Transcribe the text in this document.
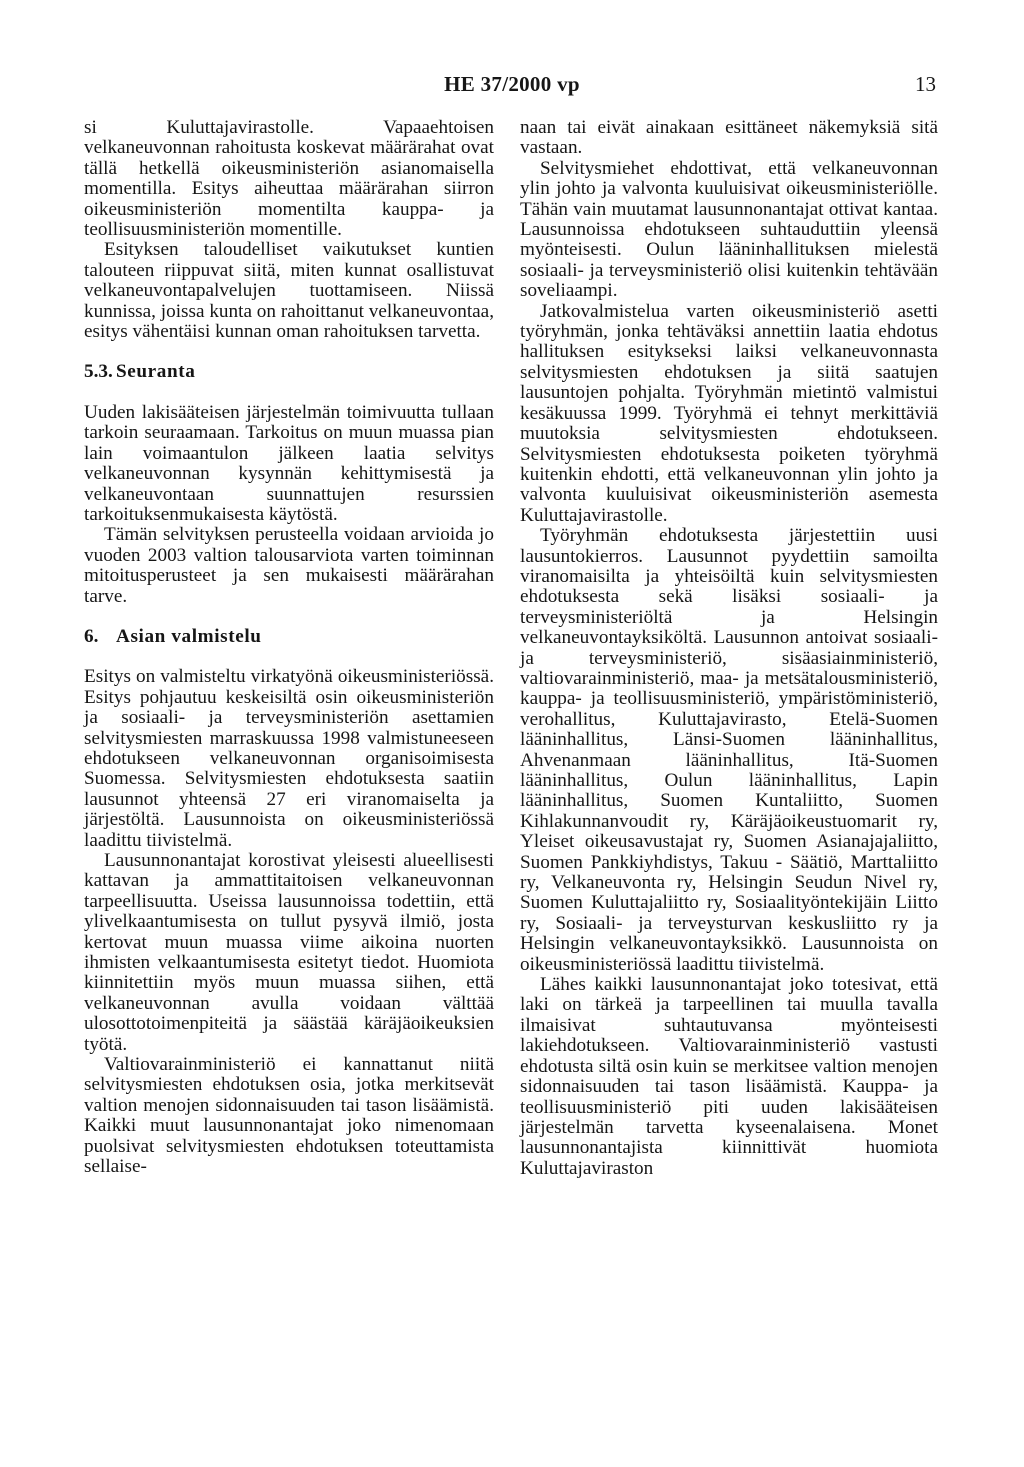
HE 37/2000 vp	13

si Kuluttajavirastolle. Vapaaehtoisen velkaneuvonnan rahoitusta koskevat määrärahat ovat tällä hetkellä oikeusministeriön asianomaisella momentilla. Esitys aiheuttaa määrärahan siirron oikeusministeriön momentilta kauppa- ja teollisuusministeriön momentille.

Esityksen taloudelliset vaikutukset kuntien talouteen riippuvat siitä, miten kunnat osallistuvat velkaneuvontapalvelujen tuottamiseen. Niissä kunnissa, joissa kunta on rahoittanut velkaneuvontaa, esitys vähentäisi kunnan oman rahoituksen tarvetta.

5.3. Seuranta

Uuden lakisääteisen järjestelmän toimivuutta tullaan tarkoin seuraamaan. Tarkoitus on muun muassa pian lain voimaantulon jälkeen laatia selvitys velkaneuvonnan kysynnän kehittymisestä ja velkaneuvontaan suunnattujen resurssien tarkoituksenmukaisesta käytöstä.

Tämän selvityksen perusteella voidaan arvioida jo vuoden 2003 valtion talousarviota varten toiminnan mitoitusperusteet ja sen mukaisesti määrärahan tarve.

6. Asian valmistelu

Esitys on valmisteltu virkatyönä oikeusministeriössä. Esitys pohjautuu keskeisiltä osin oikeusministeriön ja sosiaali- ja terveysministeriön asettamien selvitysmiesten marraskuussa 1998 valmistuneeseen ehdotukseen velkaneuvonnan organisoimisesta Suomessa. Selvitysmiesten ehdotuksesta saatiin lausunnot yhteensä 27 eri viranomaiselta ja järjestöltä. Lausunnoista on oikeusministeriössä laadittu tiivistelmä.

Lausunnonantajat korostivat yleisesti alueellisesti kattavan ja ammattitaitoisen velkaneuvonnan tarpeellisuutta. Useissa lausunnoissa todettiin, että ylivelkaantumisesta on tullut pysyvä ilmiö, josta kertovat muun muassa viime aikoina nuorten ihmisten velkaantumisesta esitetyt tiedot. Huomiota kiinnitettiin myös muun muassa siihen, että velkaneuvonnan avulla voidaan välttää ulosottotoimenpiteitä ja säästää käräjäoikeuksien työtä.

Valtiovarainministeriö ei kannattanut niitä selvitysmiesten ehdotuksen osia, jotka merkitsevät valtion menojen sidonnaisuuden tai tason lisäämistä. Kaikki muut lausunnonantajat joko nimenomaan puolsivat selvitysmiesten ehdotuksen toteuttamista sellaise-

naan tai eivät ainakaan esittäneet näkemyksiä sitä vastaan.

Selvitysmiehet ehdottivat, että velkaneuvonnan ylin johto ja valvonta kuuluisivat oikeusministeriölle. Tähän vain muutamat lausunnonantajat ottivat kantaa. Lausunnoissa ehdotukseen suhtauduttiin yleensä myönteisesti. Oulun lääninhallituksen mielestä sosiaali- ja terveysministeriö olisi kuitenkin tehtävään soveliaampi.

Jatkovalmistelua varten oikeusministeriö asetti työryhmän, jonka tehtäväksi annettiin laatia ehdotus hallituksen esitykseksi laiksi velkaneuvonnasta selvitysmiesten ehdotuksen ja siitä saatujen lausuntojen pohjalta. Työryhmän mietintö valmistui kesäkuussa 1999. Työryhmä ei tehnyt merkittäviä muutoksia selvitysmiesten ehdotukseen. Selvitysmiesten ehdotuksesta poiketen työryhmä kuitenkin ehdotti, että velkaneuvonnan ylin johto ja valvonta kuuluisivat oikeusministeriön asemesta Kuluttajavirastolle.

Työryhmän ehdotuksesta järjestettiin uusi lausuntokierros. Lausunnot pyydettiin samoilta viranomaisilta ja yhteisöiltä kuin selvitysmiesten ehdotuksesta sekä lisäksi sosiaali- ja terveysministeriöltä ja Helsingin velkaneuvontayksiköltä. Lausunnon antoivat sosiaali- ja terveysministeriö, sisäasiainministeriö, valtiovarainministeriö, maa- ja metsätalousministeriö, kauppa- ja teollisuusministeriö, ympäristöministeriö, verohallitus, Kuluttajavirasto, Etelä-Suomen lääninhallitus, Länsi-Suomen lääninhallitus, Ahvenanmaan lääninhallitus, Itä-Suomen lääninhallitus, Oulun lääninhallitus, Lapin lääninhallitus, Suomen Kuntaliitto, Suomen Kihlakunnanvoudit ry, Käräjäoikeustuomarit ry, Yleiset oikeusavustajat ry, Suomen Asianajajaliitto, Suomen Pankkiyhdistys, Takuu - Säätiö, Marttaliitto ry, Velkaneuvonta ry, Helsingin Seudun Nivel ry, Suomen Kuluttajaliitto ry, Sosiaalityöntekijäin Liitto ry, Sosiaali- ja terveysturvan keskusliitto ry ja Helsingin velkaneuvontayksikkö. Lausunnoista on oikeusministeriössä laadittu tiivistelmä.

Lähes kaikki lausunnonantajat joko totesivat, että laki on tärkeä ja tarpeellinen tai muulla tavalla ilmaisivat suhtautuvansa myönteisesti lakiehdotukseen. Valtiovarainministeriö vastusti ehdotusta siltä osin kuin se merkitsee valtion menojen sidonnaisuuden tai tason lisäämistä. Kauppa- ja teollisuusministeriö piti uuden lakisääteisen järjestelmän tarvetta kyseenalaisena. Monet lausunnonantajista kiinnittivät huomiota Kuluttajaviraston
